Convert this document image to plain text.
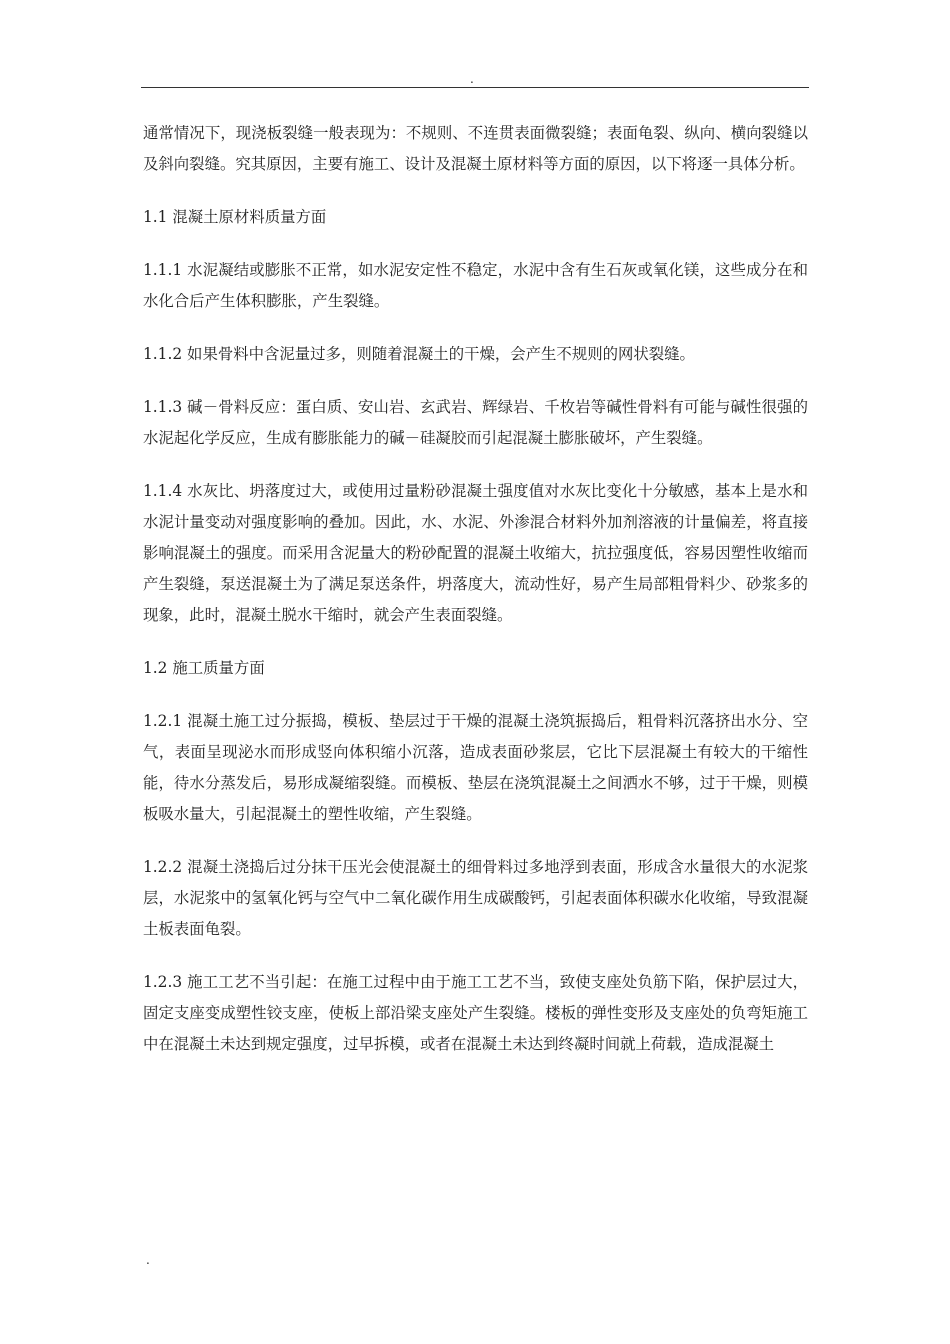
.

通常情况下，现浇板裂缝一般表现为：不规则、不连贯表面微裂缝；表面龟裂、纵向、横向裂缝以及斜向裂缝。究其原因，主要有施工、设计及混凝土原材料等方面的原因，以下将逐一具体分析。

1.1 混凝土原材料质量方面

1.1.1 水泥凝结或膨胀不正常，如水泥安定性不稳定，水泥中含有生石灰或氧化镁，这些成分在和水化合后产生体积膨胀，产生裂缝。

1.1.2 如果骨料中含泥量过多，则随着混凝土的干燥，会产生不规则的网状裂缝。

1.1.3 碱－骨料反应：蛋白质、安山岩、玄武岩、辉绿岩、千枚岩等碱性骨料有可能与碱性很强的水泥起化学反应，生成有膨胀能力的碱－硅凝胶而引起混凝土膨胀破坏，产生裂缝。

1.1.4 水灰比、坍落度过大，或使用过量粉砂混凝土强度值对水灰比变化十分敏感，基本上是水和水泥计量变动对强度影响的叠加。因此，水、水泥、外渗混合材料外加剂溶液的计量偏差，将直接影响混凝土的强度。而采用含泥量大的粉砂配置的混凝土收缩大，抗拉强度低，容易因塑性收缩而产生裂缝，泵送混凝土为了满足泵送条件，坍落度大，流动性好，易产生局部粗骨料少、砂浆多的现象，此时，混凝土脱水干缩时，就会产生表面裂缝。

1.2 施工质量方面

1.2.1 混凝土施工过分振捣，模板、垫层过于干燥的混凝土浇筑振捣后，粗骨料沉落挤出水分、空气，表面呈现泌水而形成竖向体积缩小沉落，造成表面砂浆层，它比下层混凝土有较大的干缩性能，待水分蒸发后，易形成凝缩裂缝。而模板、垫层在浇筑混凝土之间洒水不够，过于干燥，则模板吸水量大，引起混凝土的塑性收缩，产生裂缝。

1.2.2 混凝土浇捣后过分抹干压光会使混凝土的细骨料过多地浮到表面，形成含水量很大的水泥浆层，水泥浆中的氢氧化钙与空气中二氧化碳作用生成碳酸钙，引起表面体积碳水化收缩，导致混凝土板表面龟裂。

1.2.3 施工工艺不当引起：在施工过程中由于施工工艺不当，致使支座处负筋下陷，保护层过大，固定支座变成塑性铰支座，使板上部沿梁支座处产生裂缝。楼板的弹性变形及支座处的负弯矩施工中在混凝土未达到规定强度，过早拆模，或者在混凝土未达到终凝时间就上荷载，造成混凝土

.
